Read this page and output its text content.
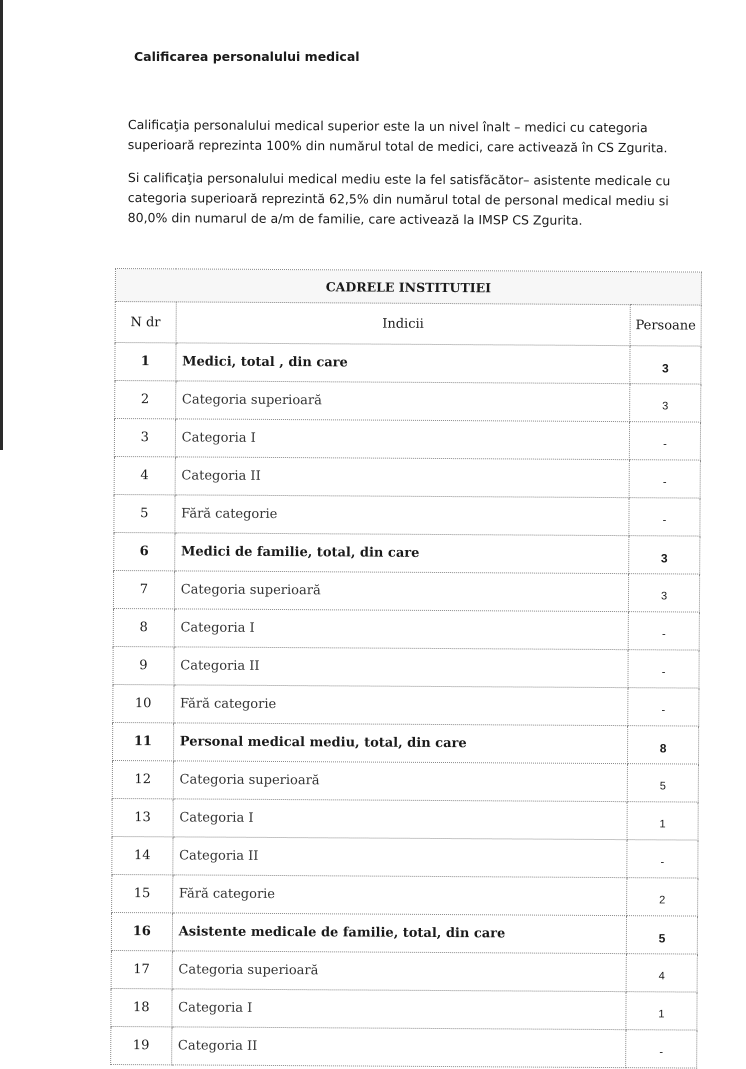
Calificarea personalului medical

Calificaţia personalului medical superior este la un nivel înalt – medici cu categoria superioară reprezinta 100% din numărul total de medici, care activează în CS Zgurita.

Si calificaţia personalului medical mediu este la fel satisfăcător– asistente medicale cu categoria superioară reprezintă 62,5% din numărul total de personal medical mediu si 80,0% din numarul de a/m de familie, care activează la IMSP CS Zgurita.

CADRELE INSTITUTIEI		
N dr	Indicii	Persoane
1	Medici, total , din care	3
2	Categoria superioară	3
3	Categoria I	-
4	Categoria II	-
5	Fără categorie	-
6	Medici de familie, total, din care	3
7	Categoria superioară	3
8	Categoria I	-
9	Categoria II	-
10	Fără categorie	-
11	Personal medical mediu, total, din care	8
12	Categoria superioară	5
13	Categoria I	1
14	Categoria II	-
15	Fără categorie	2
16	Asistente medicale de familie, total, din care	5
17	Categoria superioară	4
18	Categoria I	1
19	Categoria II	-
